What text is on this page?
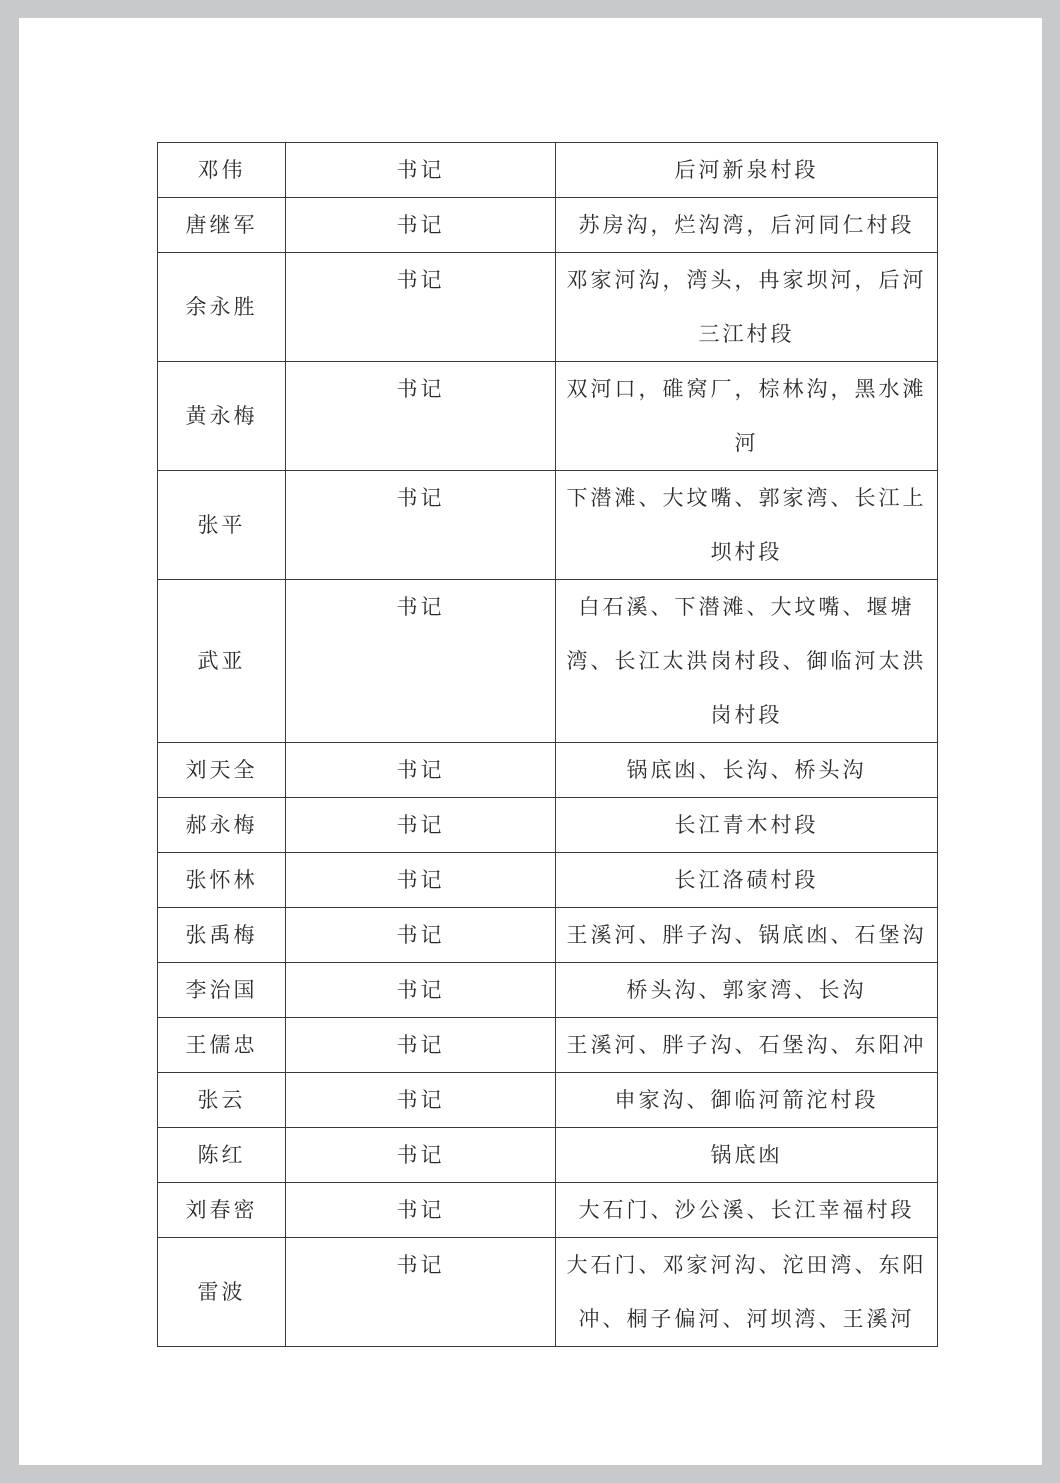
邓伟	书记	后河新泉村段
唐继军	书记	苏房沟，烂沟湾，后河同仁村段
余永胜	书记	邓家河沟，湾头，冉家坝河，后河三江村段
黄永梅	书记	双河口，碓窝厂，棕林沟，黑水滩河
张平	书记	下潜滩、大坟嘴、郭家湾、长江上坝村段
武亚	书记	白石溪、下潜滩、大坟嘴、堰塘湾、长江太洪岗村段、御临河太洪岗村段
刘天全	书记	锅底凼、长沟、桥头沟
郝永梅	书记	长江青木村段
张怀林	书记	长江洛碛村段
张禹梅	书记	王溪河、胖子沟、锅底凼、石堡沟
李治国	书记	桥头沟、郭家湾、长沟
王儒忠	书记	王溪河、胖子沟、石堡沟、东阳冲
张云	书记	申家沟、御临河箭沱村段
陈红	书记	锅底凼
刘春密	书记	大石门、沙公溪、长江幸福村段
雷波	书记	大石门、邓家河沟、沱田湾、东阳冲、桐子偏河、河坝湾、王溪河
